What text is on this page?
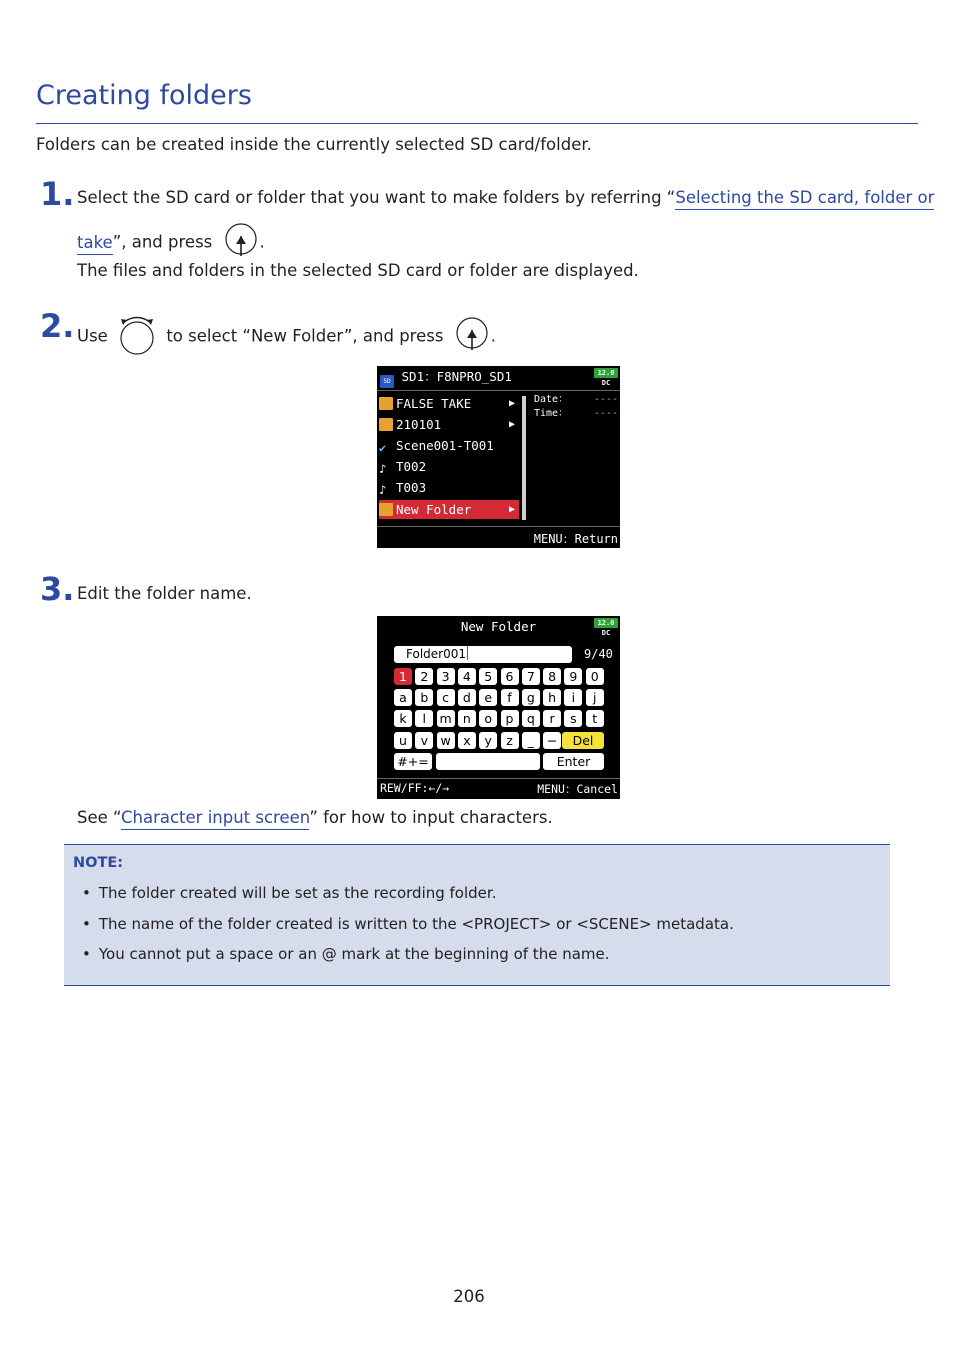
Creating folders
Folders can be created inside the currently selected SD card/folder.
1. Select the SD card or folder that you want to make folders by referring “Selecting the SD card, folder or
take”, and press	.
The files and folders in the selected SD card or folder are displayed.
2. Use	to select “New Folder”, and press	.
SD SD1：F8NPRO_SD1	12.0
DC
FALSE TAKE	▶
210101	▶
✔ Scene001-T001
♪ T002
♪ T003
New Folder	▶
Date：
Time：
----
----
MENU：Return
3. Edit the folder name.
New Folder	12.0
DC
Folder001	9/40
1	2	3	4	5	6	7	8	9	0
a	b	c	d	e	f	g	h	i	j
k	l	m n	o	p	q	r	s	t
u	v w x	y	z	_	−	Del
#+=	Enter
REW/FF:←/→	MENU：Cancel
See “Character input screen” for how to input characters.
NOTE:
• The folder created will be set as the recording folder.
• The name of the folder created is written to the <PROJECT> or <SCENE> metadata.
• You cannot put a space or an @ mark at the beginning of the name.
206
